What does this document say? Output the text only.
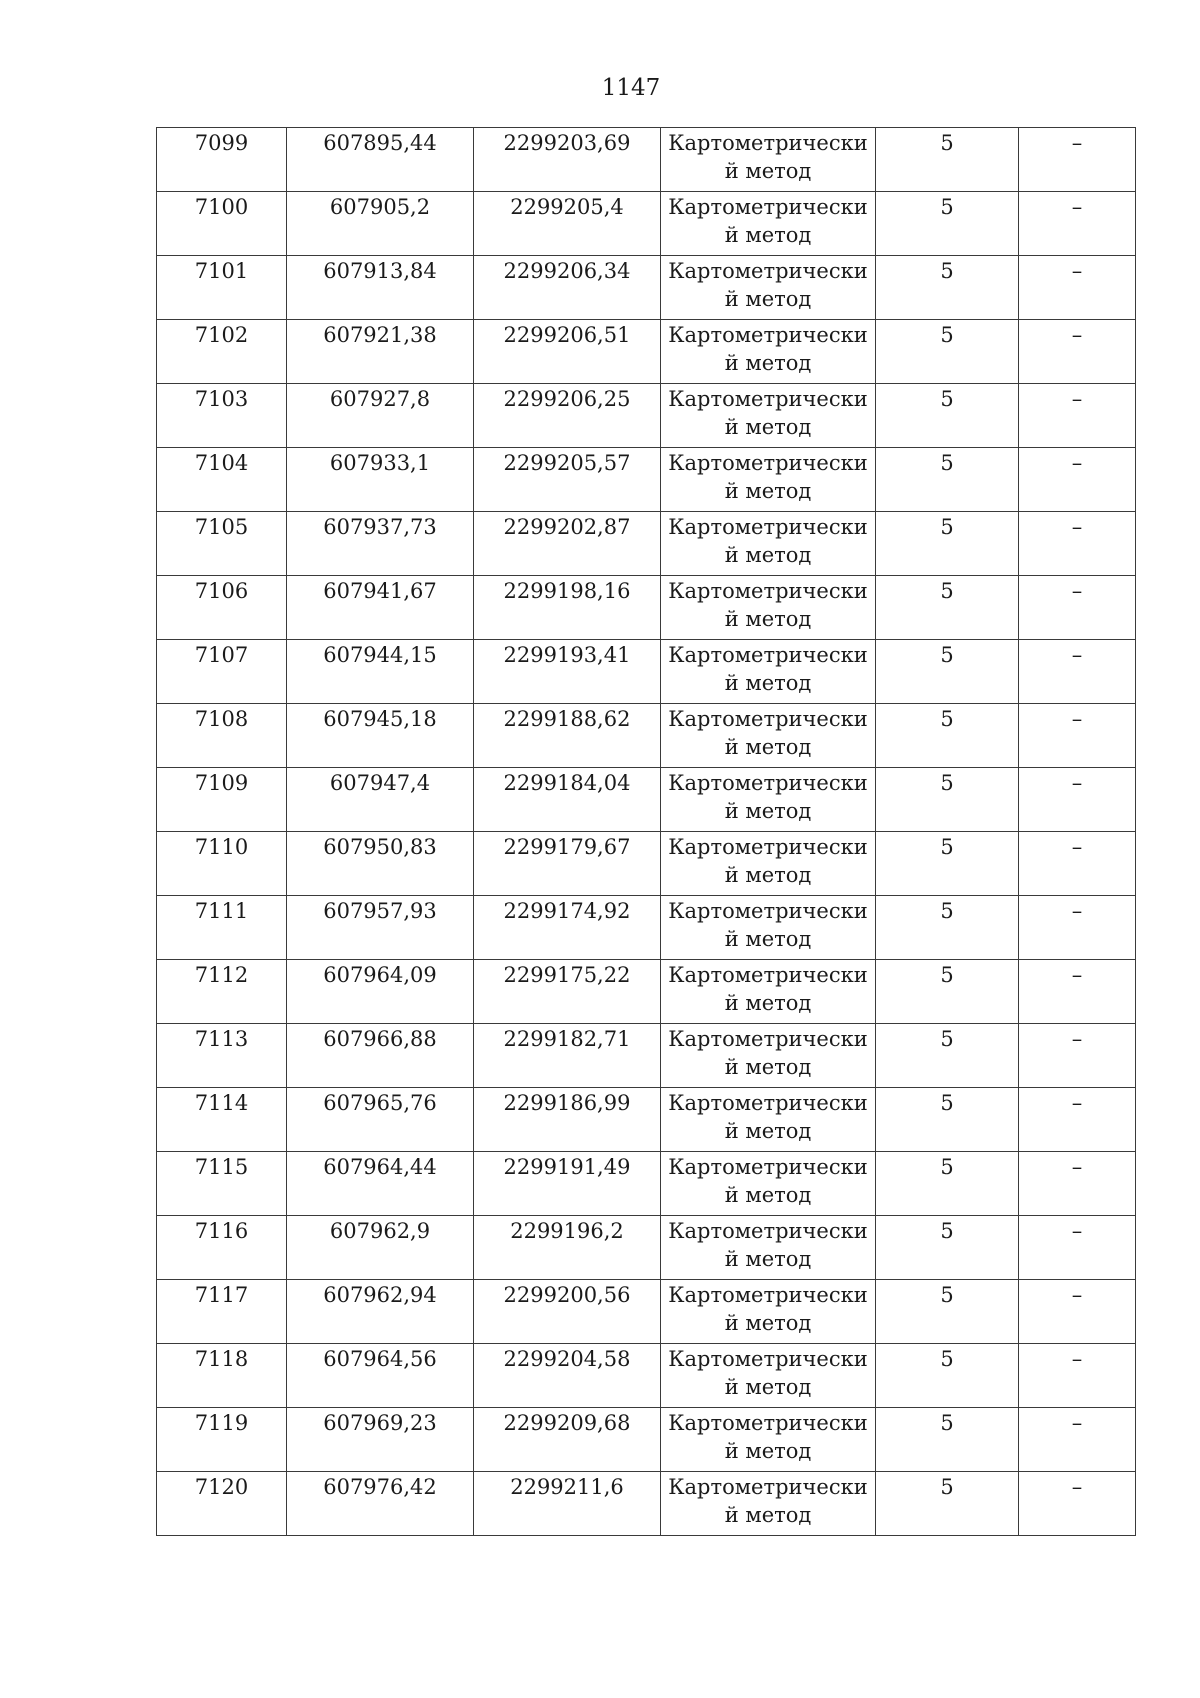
1147
7099	607895,44	2299203,69	Картометрически й метод	5	–
7100	607905,2	2299205,4	Картометрически й метод	5	–
7101	607913,84	2299206,34	Картометрически й метод	5	–
7102	607921,38	2299206,51	Картометрически й метод	5	–
7103	607927,8	2299206,25	Картометрически й метод	5	–
7104	607933,1	2299205,57	Картометрически й метод	5	–
7105	607937,73	2299202,87	Картометрически й метод	5	–
7106	607941,67	2299198,16	Картометрически й метод	5	–
7107	607944,15	2299193,41	Картометрически й метод	5	–
7108	607945,18	2299188,62	Картометрически й метод	5	–
7109	607947,4	2299184,04	Картометрически й метод	5	–
7110	607950,83	2299179,67	Картометрически й метод	5	–
7111	607957,93	2299174,92	Картометрически й метод	5	–
7112	607964,09	2299175,22	Картометрически й метод	5	–
7113	607966,88	2299182,71	Картометрически й метод	5	–
7114	607965,76	2299186,99	Картометрически й метод	5	–
7115	607964,44	2299191,49	Картометрически й метод	5	–
7116	607962,9	2299196,2	Картометрически й метод	5	–
7117	607962,94	2299200,56	Картометрически й метод	5	–
7118	607964,56	2299204,58	Картометрически й метод	5	–
7119	607969,23	2299209,68	Картометрически й метод	5	–
7120	607976,42	2299211,6	Картометрически й метод	5	–
